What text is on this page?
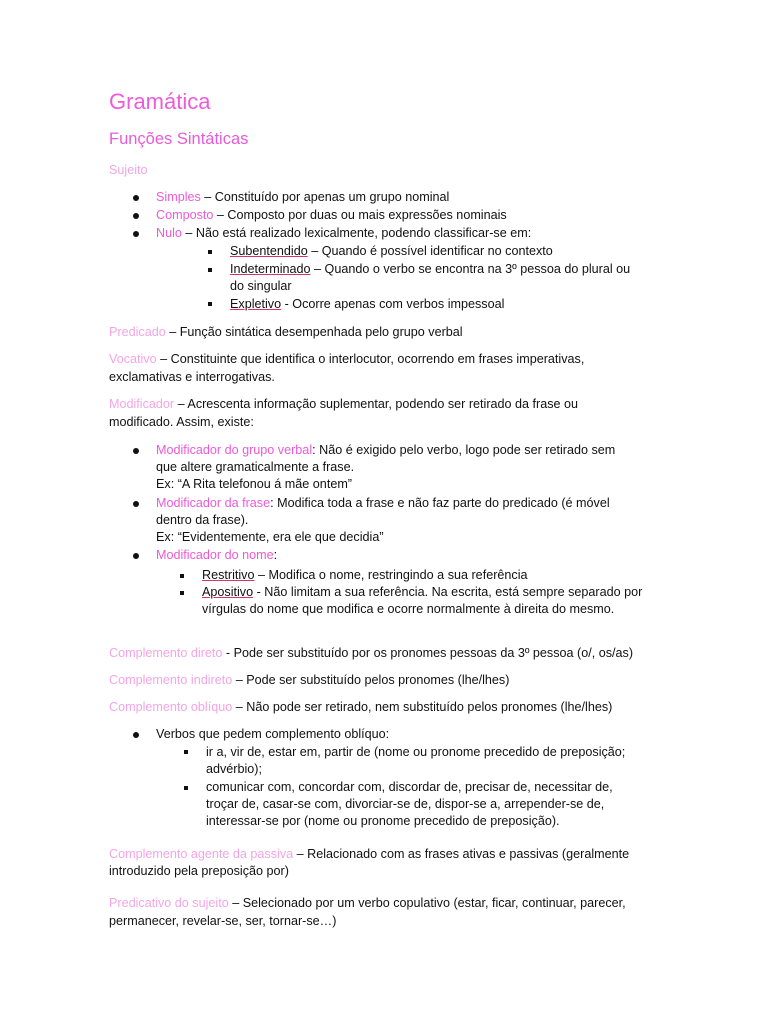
Gramática
Funções Sintáticas
Sujeito
Simples – Constituído por apenas um grupo nominal
Composto – Composto por duas ou mais expressões nominais
Nulo – Não está realizado lexicalmente, podendo classificar-se em:
Subentendido – Quando é possível identificar no contexto
Indeterminado – Quando o verbo se encontra na 3º pessoa do plural ou
do singular
Expletivo - Ocorre apenas com verbos impessoal
Predicado – Função sintática desempenhada pelo grupo verbal
Vocativo – Constituinte que identifica o interlocutor, ocorrendo em frases imperativas,
exclamativas e interrogativas.
Modificador – Acrescenta informação suplementar, podendo ser retirado da frase ou
modificado. Assim, existe:
Modificador do grupo verbal: Não é exigido pelo verbo, logo pode ser retirado sem
que altere gramaticalmente a frase.
Ex: “A Rita telefonou á mãe ontem”
Modificador da frase: Modifica toda a frase e não faz parte do predicado (é móvel
dentro da frase).
Ex: “Evidentemente, era ele que decidia”
Modificador do nome:
Restritivo – Modifica o nome, restringindo a sua referência
Apositivo - Não limitam a sua referência. Na escrita, está sempre separado por
vírgulas do nome que modifica e ocorre normalmente à direita do mesmo.
Complemento direto - Pode ser substituído por os pronomes pessoas da 3º pessoa (o/, os/as)
Complemento indireto – Pode ser substituído pelos pronomes (lhe/lhes)
Complemento oblíquo – Não pode ser retirado, nem substituído pelos pronomes (lhe/lhes)
Verbos que pedem complemento oblíquo:
ir a, vir de, estar em, partir de (nome ou pronome precedido de preposição;
advérbio);
comunicar com, concordar com, discordar de, precisar de, necessitar de,
troçar de, casar-se com, divorciar-se de, dispor-se a, arrepender-se de,
interessar-se por (nome ou pronome precedido de preposição).
Complemento agente da passiva – Relacionado com as frases ativas e passivas (geralmente
introduzido pela preposição por)
Predicativo do sujeito – Selecionado por um verbo copulativo (estar, ficar, continuar, parecer,
permanecer, revelar-se, ser, tornar-se…)
